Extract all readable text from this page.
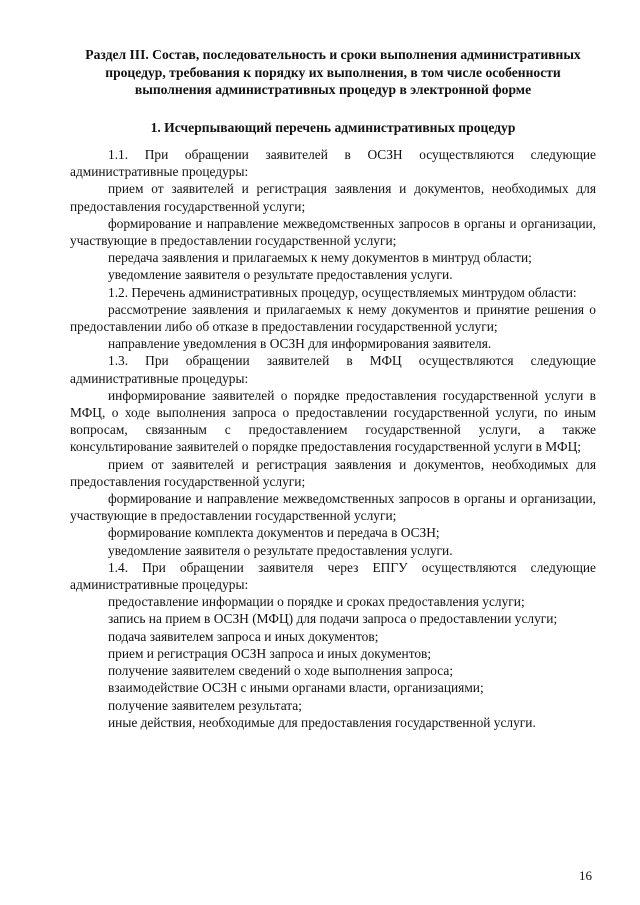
Раздел III. Состав, последовательность и сроки выполнения административных процедур, требования к порядку их выполнения, в том числе особенности выполнения административных процедур в электронной форме
1. Исчерпывающий перечень административных процедур

1.1. При обращении заявителей в ОСЗН осуществляются следующие административные процедуры:

прием от заявителей и регистрация заявления и документов, необходимых для предоставления государственной услуги;

формирование и направление межведомственных запросов в органы и организации, участвующие в предоставлении государственной услуги;

передача заявления и прилагаемых к нему документов в минтруд области;

уведомление заявителя о результате предоставления услуги.

1.2. Перечень административных процедур, осуществляемых минтрудом области:

рассмотрение заявления и прилагаемых к нему документов и принятие решения о предоставлении либо об отказе в предоставлении государственной услуги;

направление уведомления в ОСЗН для информирования заявителя.

1.3. При обращении заявителей в МФЦ осуществляются следующие административные процедуры:

информирование заявителей о порядке предоставления государственной услуги в МФЦ, о ходе выполнения запроса о предоставлении государственной услуги, по иным вопросам, связанным с предоставлением государственной услуги, а также консультирование заявителей о порядке предоставления государственной услуги в МФЦ;

прием от заявителей и регистрация заявления и документов, необходимых для предоставления государственной услуги;

формирование и направление межведомственных запросов в органы и организации, участвующие в предоставлении государственной услуги;

формирование комплекта документов и передача в ОСЗН;

уведомление заявителя о результате предоставления услуги.

1.4. При обращении заявителя через ЕПГУ осуществляются следующие административные процедуры:

предоставление информации о порядке и сроках предоставления услуги;

запись на прием в ОСЗН (МФЦ) для подачи запроса о предоставлении услуги;

подача заявителем запроса и иных документов;

прием и регистрация ОСЗН запроса и иных документов;

получение заявителем сведений о ходе выполнения запроса;

взаимодействие ОСЗН с иными органами власти, организациями;

получение заявителем результата;

иные действия, необходимые для предоставления государственной услуги.

16
